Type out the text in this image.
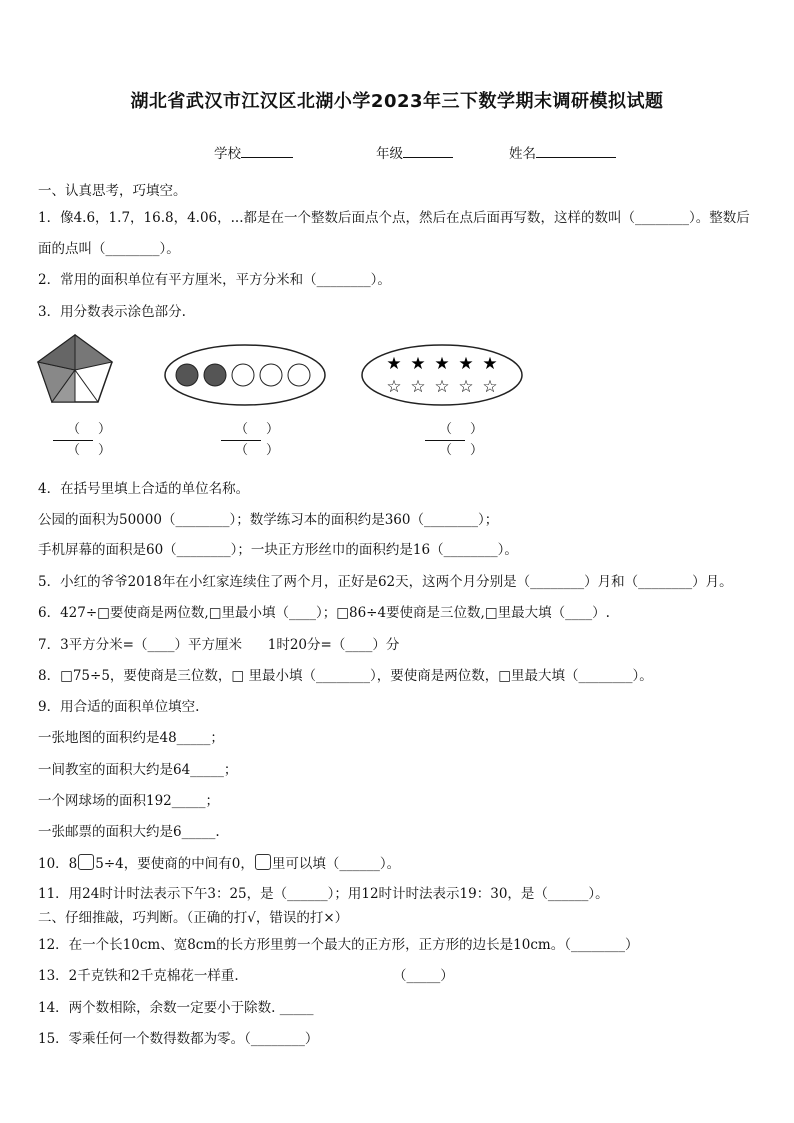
湖北省武汉市江汉区北湖小学2023年三下数学期末调研模拟试题
学校	年级	姓名
一、认真思考，巧填空。
1．像4.6，1.7，16.8，4.06，...都是在一个整数后面点个点，然后在点后面再写数，这样的数叫（________）。整数后
面的点叫（________）。
2．常用的面积单位有平方厘米，平方分米和（________）。
3．用分数表示涂色部分.
★ ★ ★ ★ ★
☆ ☆ ☆ ☆ ☆
（）
（）
（）
（）
（）
（）
4．在括号里填上合适的单位名称。
公园的面积为50000（________）；数学练习本的面积约是360（________）；
手机屏幕的面积是60（________）；一块正方形丝巾的面积约是16（________）。
5．小红的爷爷2018年在小红家连续住了两个月，正好是62天，这两个月分别是（________）月和（________）月。
6．427÷□要使商是两位数,□里最小填（____）；□86÷4要使商是三位数,□里最大填（____）.
7．3平方分米=（____）平方厘米      1时20分=（____）分
8．□75÷5，要使商是三位数，□ 里最小填（________），要使商是两位数，□里最大填（________）。
9．用合适的面积单位填空.
一张地图的面积约是48_____；
一间教室的面积大约是64_____；
一个网球场的面积192_____；
一张邮票的面积大约是6_____.
10．8 5÷4，要使商的中间有0， 里可以填（______）。
11．用24时计时法表示下午3：25，是（______）；用12时计时法表示19：30，是（______）。
二、仔细推敲，巧判断。（正确的打√，错误的打×）
12．在一个长10cm、宽8cm的长方形里剪一个最大的正方形，正方形的边长是10cm。（________）
13．2千克铁和2千克棉花一样重.	（_____）
14．两个数相除，余数一定要小于除数. _____
15．零乘任何一个数得数都为零。（________）
